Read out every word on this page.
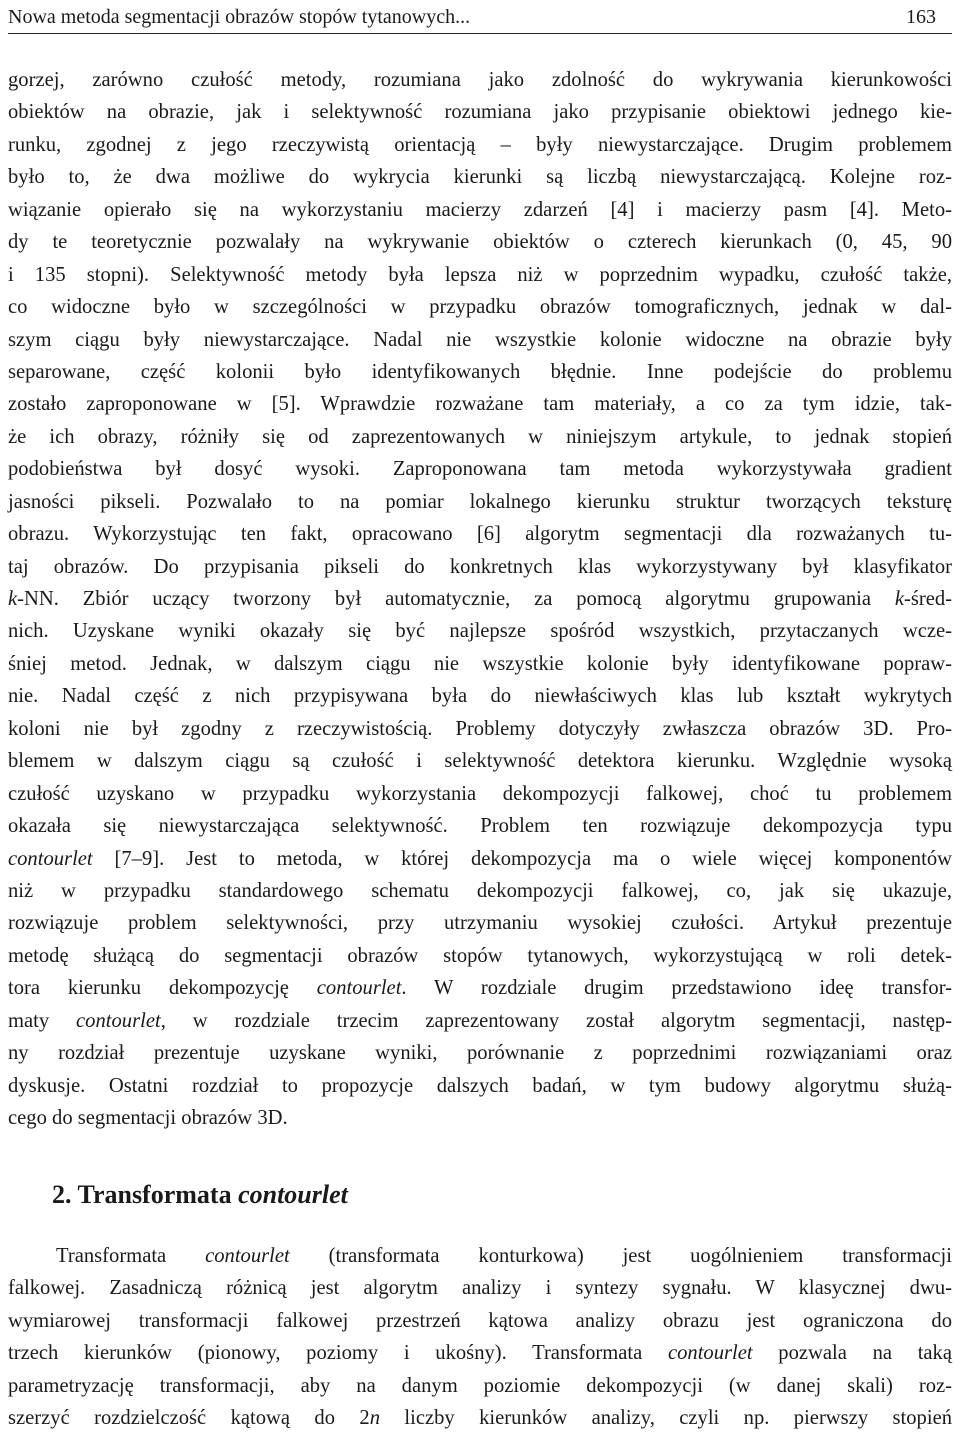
Nowa metoda segmentacji obrazów stopów tytanowych...	163
gorzej, zarówno czułość metody, rozumiana jako zdolność do wykrywania kierunkowości
obiektów na obrazie, jak i selektywność rozumiana jako przypisanie obiektowi jednego kie-
runku, zgodnej z jego rzeczywistą orientacją – były niewystarczające. Drugim problemem
było to, że dwa możliwe do wykrycia kierunki są liczbą niewystarczającą. Kolejne roz-
wiązanie opierało się na wykorzystaniu macierzy zdarzeń [4] i macierzy pasm [4]. Meto-
dy te teoretycznie pozwalały na wykrywanie obiektów o czterech kierunkach (0, 45, 90
i 135 stopni). Selektywność metody była lepsza niż w poprzednim wypadku, czułość także,
co widoczne było w szczególności w przypadku obrazów tomograficznych, jednak w dal-
szym ciągu były niewystarczające. Nadal nie wszystkie kolonie widoczne na obrazie były
separowane, część kolonii było identyfikowanych błędnie. Inne podejście do problemu
zostało zaproponowane w [5]. Wprawdzie rozważane tam materiały, a co za tym idzie, tak-
że ich obrazy, różniły się od zaprezentowanych w niniejszym artykule, to jednak stopień
podobieństwa był dosyć wysoki. Zaproponowana tam metoda wykorzystywała gradient
jasności pikseli. Pozwalało to na pomiar lokalnego kierunku struktur tworzących teksturę
obrazu. Wykorzystując ten fakt, opracowano [6] algorytm segmentacji dla rozważanych tu-
taj obrazów. Do przypisania pikseli do konkretnych klas wykorzystywany był klasyfikator
k-NN. Zbiór uczący tworzony był automatycznie, za pomocą algorytmu grupowania k-śred-
nich. Uzyskane wyniki okazały się być najlepsze spośród wszystkich, przytaczanych wcze-
śniej metod. Jednak, w dalszym ciągu nie wszystkie kolonie były identyfikowane popraw-
nie. Nadal część z nich przypisywana była do niewłaściwych klas lub kształt wykrytych
koloni nie był zgodny z rzeczywistością. Problemy dotyczyły zwłaszcza obrazów 3D. Pro-
blemem w dalszym ciągu są czułość i selektywność detektora kierunku. Względnie wysoką
czułość uzyskano w przypadku wykorzystania dekompozycji falkowej, choć tu problemem
okazała się niewystarczająca selektywność. Problem ten rozwiązuje dekompozycja typu
contourlet [7–9]. Jest to metoda, w której dekompozycja ma o wiele więcej komponentów
niż w przypadku standardowego schematu dekompozycji falkowej, co, jak się ukazuje,
rozwiązuje problem selektywności, przy utrzymaniu wysokiej czułości. Artykuł prezentuje
metodę służącą do segmentacji obrazów stopów tytanowych, wykorzystującą w roli detek-
tora kierunku dekompozycję contourlet. W rozdziale drugim przedstawiono ideę transfor-
maty contourlet, w rozdziale trzecim zaprezentowany został algorytm segmentacji, następ-
ny rozdział prezentuje uzyskane wyniki, porównanie z poprzednimi rozwiązaniami oraz
dyskusje. Ostatni rozdział to propozycje dalszych badań, w tym budowy algorytmu służą-
cego do segmentacji obrazów 3D.
2. Transformata contourlet
Transformata contourlet (transformata konturkowa) jest uogólnieniem transformacji
falkowej. Zasadniczą różnicą jest algorytm analizy i syntezy sygnału. W klasycznej dwu-
wymiarowej transformacji falkowej przestrzeń kątowa analizy obrazu jest ograniczona do
trzech kierunków (pionowy, poziomy i ukośny). Transformata contourlet pozwala na taką
parametryzację transformacji, aby na danym poziomie dekompozycji (w danej skali) roz-
szerzyć rozdzielczość kątową do 2n liczby kierunków analizy, czyli np. pierwszy stopień
